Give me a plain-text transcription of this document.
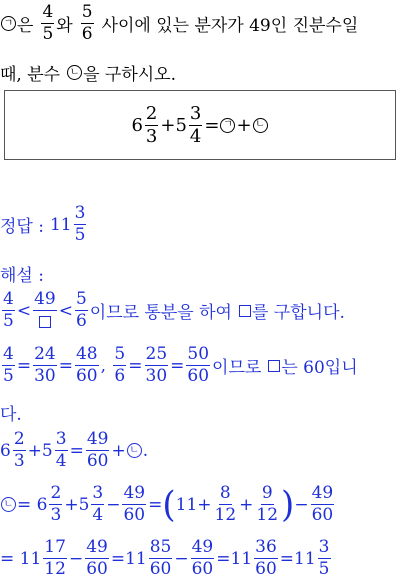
ㄱ 은 $\frac{4}{5}$ 와 $\frac{5}{6}$ 사이에 있는 분자가 49인 진분수일
때, 분수 ㄴ 을 구하시오.
$6 \frac{2}{3} + 5 \frac{3}{4}$ = ㄱ + ㄴ
정답 : $11 \frac{3}{5}$
해설 :
$\frac{4}{5}$ <
49
< $\frac{5}{6}$ 이므로 통분을 하여 를 구합니다.
$\frac{4}{5} = \frac{24}{30} = \frac{48}{60}$ , $\frac{5}{6} = \frac{25}{30} = \frac{50}{60}$ 이므로 는 60입니
다.
$6 \frac{2}{3} + 5 \frac{3}{4} = \frac{49}{60}$ + ㄴ .
ㄴ = $6 \frac{2}{3} + 5 \frac{3}{4} - \frac{49}{60}$ = ( $11 + \frac{8}{12} + \frac{9}{12}$ ) − $\frac{49}{60}$
= $11 \frac{17}{12} - \frac{49}{60} = 11 \frac{85}{60} - \frac{49}{60} = 11 \frac{36}{60} = 11 \frac{3}{5}$
